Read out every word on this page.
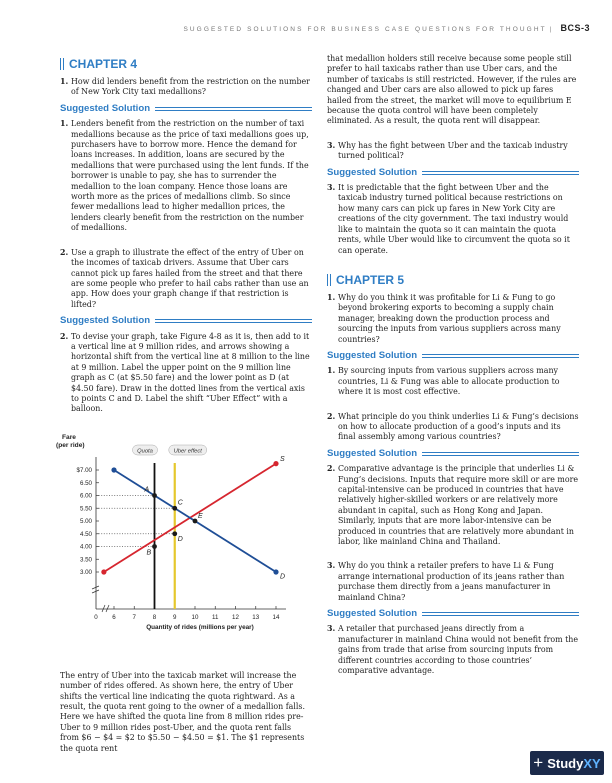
SUGGESTED SOLUTIONS FOR BUSINESS CASE QUESTIONS FOR THOUGHT | BCS-3
CHAPTER 4
1. How did lenders benefit from the restriction on the number of New York City taxi medallions?
Suggested Solution
1. Lenders benefit from the restriction on the number of taxi medallions because as the price of taxi medallions goes up, purchasers have to borrow more. Hence the demand for loans increases. In addition, loans are secured by the medallions that were purchased using the lent funds. If the borrower is unable to pay, she has to surrender the medallion to the loan company. Hence those loans are worth more as the prices of medallions climb. So since fewer medallions lead to higher medallion prices, the lenders clearly benefit from the restriction on the number of medallions.
2. Use a graph to illustrate the effect of the entry of Uber on the incomes of taxicab drivers. Assume that Uber cars cannot pick up fares hailed from the street and that there are some people who prefer to hail cabs rather than use an app. How does your graph change if that restriction is lifted?
Suggested Solution
2. To devise your graph, take Figure 4-8 as it is, then add to it a vertical line at 9 million rides, and arrows showing a horizontal shift from the vertical line at 8 million to the line at 9 million. Label the upper point on the 9 million line graph as C (at $5.50 fare) and the lower point as D (at $4.50 fare). Draw in the dotted lines from the vertical axis to points C and D. Label the shift “Uber Effect” with a balloon.
Fare
(per ride)
$7.00
6.50
6.00
5.50
5.00
4.50
4.00
3.50
3.00
0 6	7	8	9 10 11 12 13 14
Quantity of rides (millions per year)
Quota	Uber effect
S
D
A
B
C
D
E
The entry of Uber into the taxicab market will increase the number of rides offered. As shown here, the entry of Uber shifts the vertical line indicating the quota rightward. As a result, the quota rent going to the owner of a medallion falls. Here we have shifted the quota line from 8 million rides pre-Uber to 9 million rides post-Uber, and the quota rent falls from $6 − $4 = $2 to $5.50 − $4.50 = $1. The $1 represents the quota rent
that medallion holders still receive because some people still prefer to hail taxicabs rather than use Uber cars, and the number of taxicabs is still restricted. However, if the rules are changed and Uber cars are also allowed to pick up fares hailed from the street, the market will move to equilibrium E because the quota control will have been completely eliminated. As a result, the quota rent will disappear.
3. Why has the fight between Uber and the taxicab industry turned political?
Suggested Solution
3. It is predictable that the fight between Uber and the taxicab industry turned political because restrictions on how many cars can pick up fares in New York City are creations of the city government. The taxi industry would like to maintain the quota so it can maintain the quota rents, while Uber would like to circumvent the quota so it can operate.
CHAPTER 5
1. Why do you think it was profitable for Li & Fung to go beyond brokering exports to becoming a supply chain manager, breaking down the production process and sourcing the inputs from various suppliers across many countries?
Suggested Solution
1. By sourcing inputs from various suppliers across many countries, Li & Fung was able to allocate production to where it is most cost effective.
2. What principle do you think underlies Li & Fung’s decisions on how to allocate production of a good’s inputs and its final assembly among various countries?
Suggested Solution
2. Comparative advantage is the principle that underlies Li & Fung’s decisions. Inputs that require more skill or are more capital-intensive can be produced in countries that have relatively higher-skilled workers or are relatively more abundant in capital, such as Hong Kong and Japan. Similarly, inputs that are more labor-intensive can be produced in countries that are relatively more abundant in labor, like mainland China and Thailand.
3. Why do you think a retailer prefers to have Li & Fung arrange international production of its jeans rather than purchase them directly from a jeans manufacturer in mainland China?
Suggested Solution
3. A retailer that purchased jeans directly from a manufacturer in mainland China would not benefit from the gains from trade that arise from sourcing inputs from different countries according to those countries’ comparative advantage.
+ Study XY
